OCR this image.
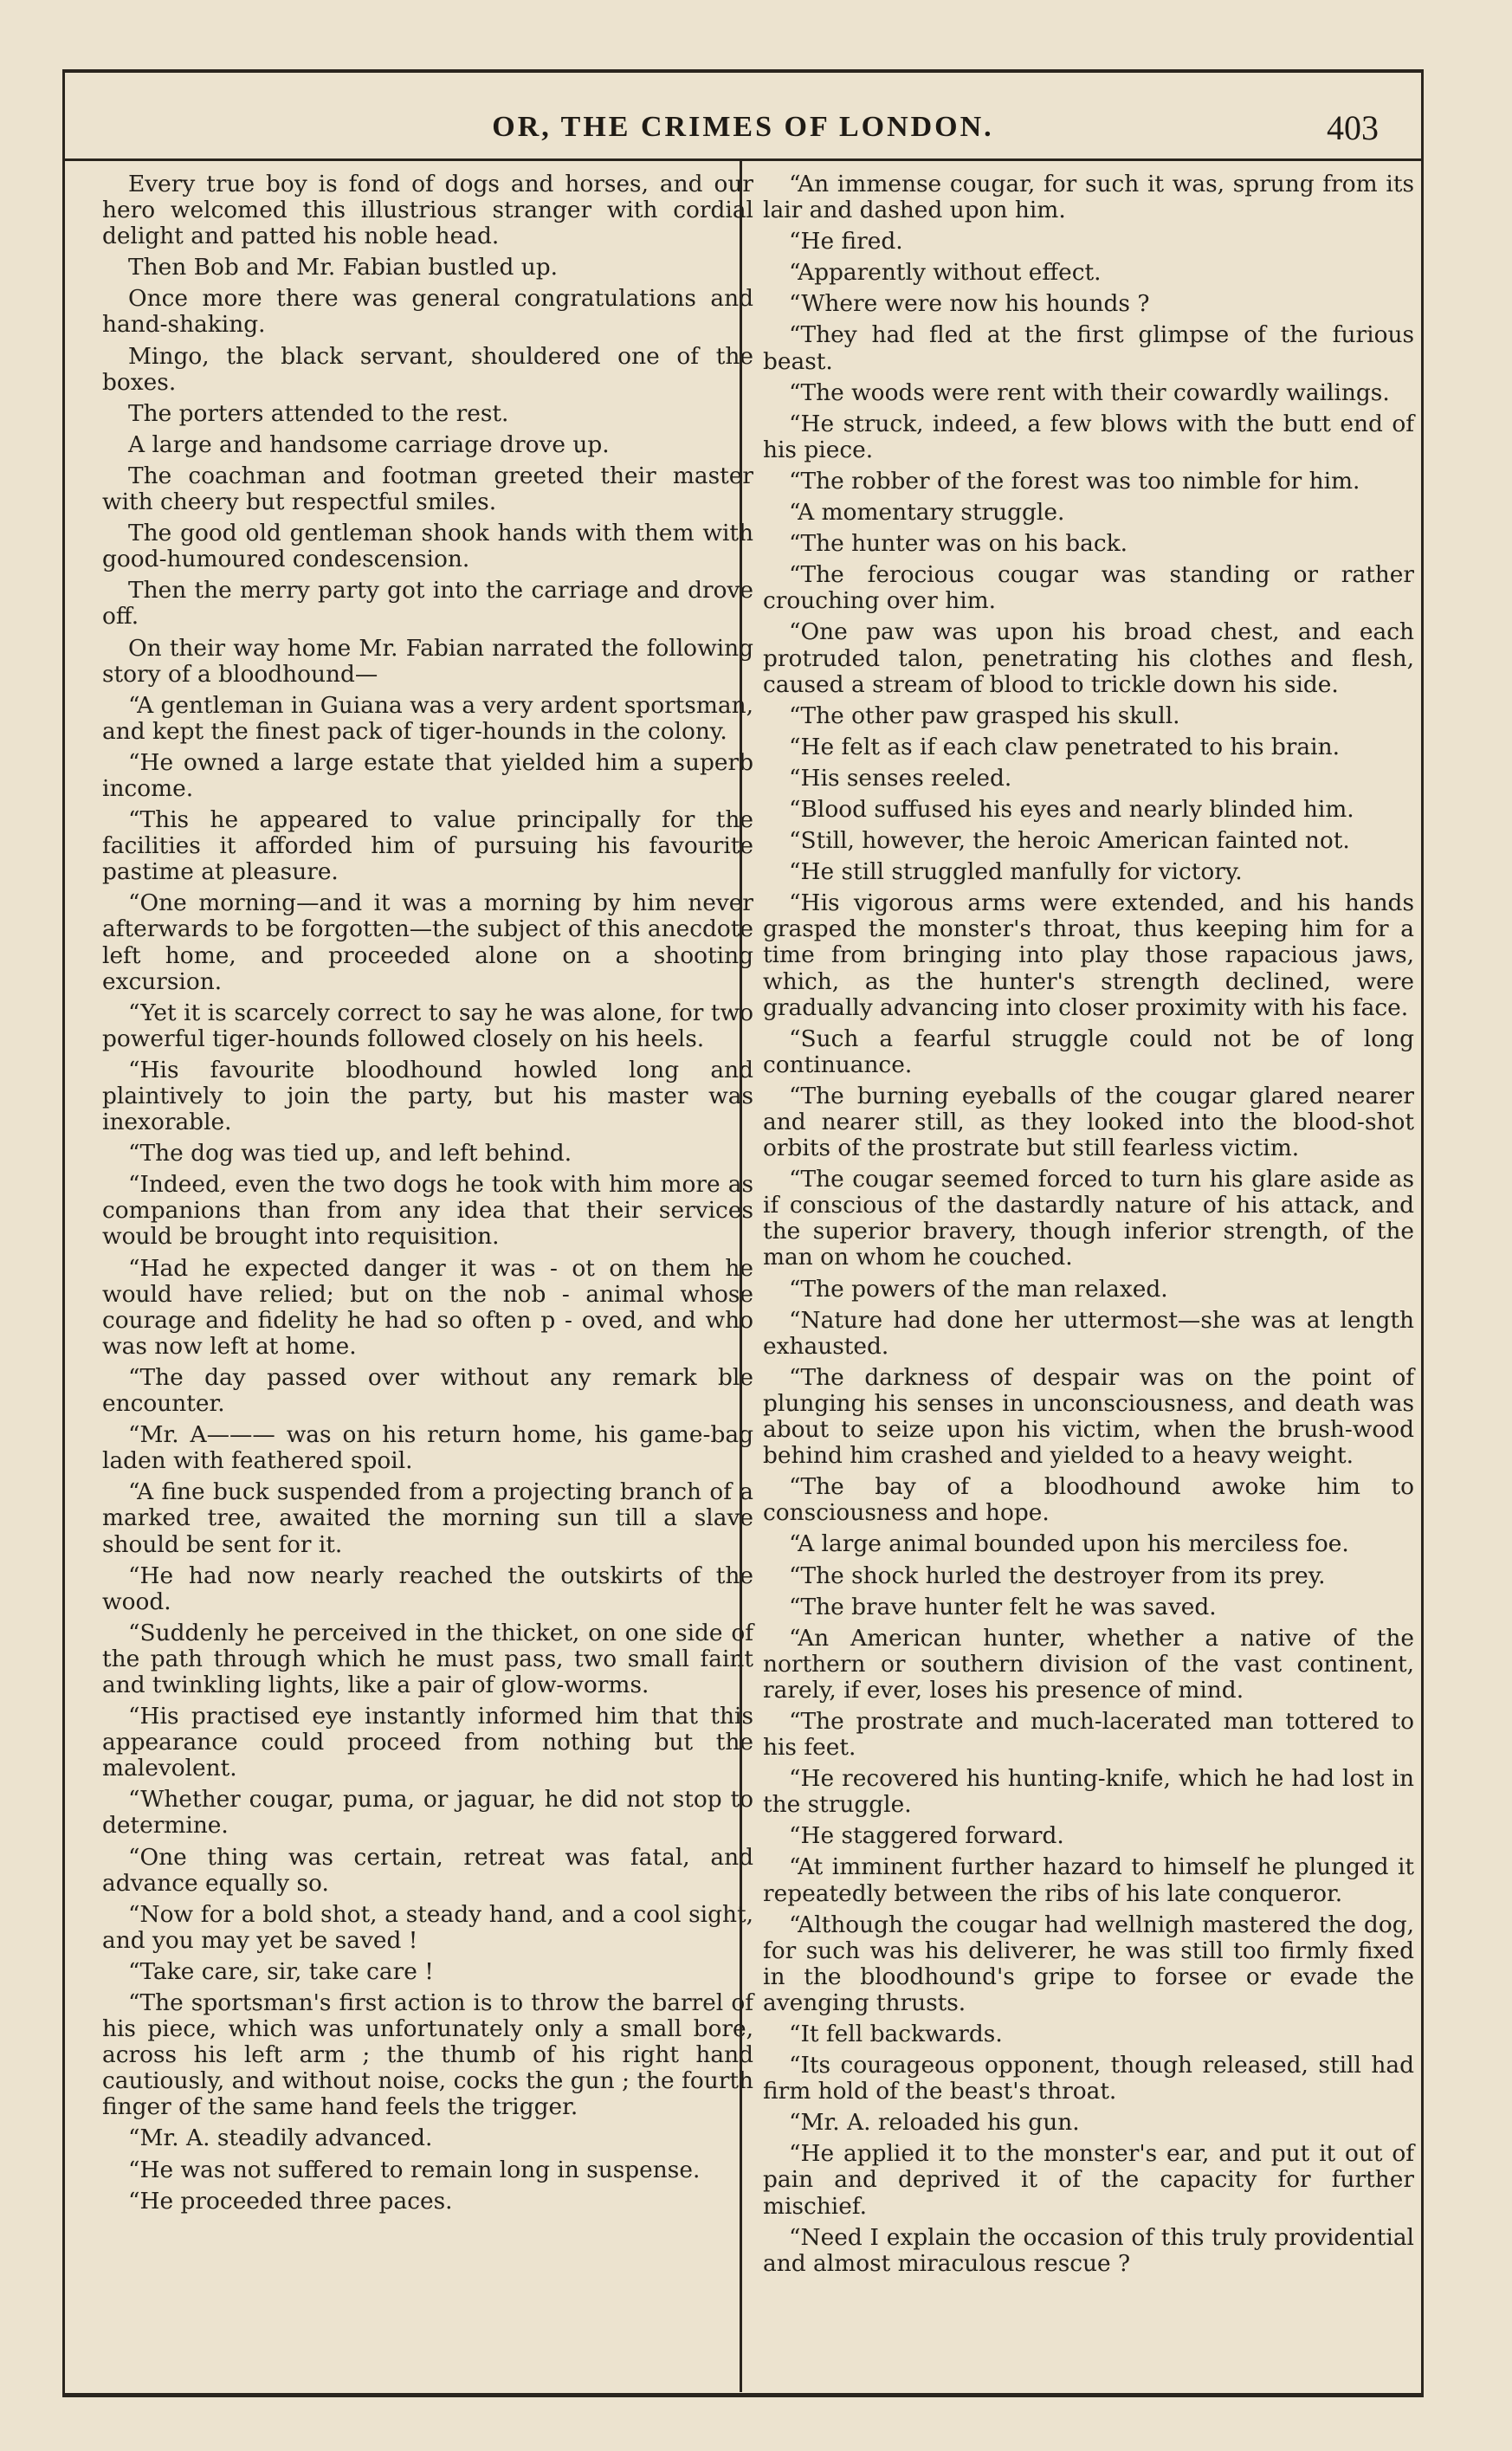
OR, THE CRIMES OF LONDON.	403

Every true boy is fond of dogs and horses, and our hero welcomed this illustrious stranger with cordial delight and patted his noble head.

Then Bob and Mr. Fabian bustled up.

Once more there was general congratulations and hand-shaking.

Mingo, the black servant, shouldered one of the boxes.

The porters attended to the rest.

A large and handsome carriage drove up.

The coachman and footman greeted their master with cheery but respectful smiles.

The good old gentleman shook hands with them with good-humoured condescension.

Then the merry party got into the carriage and drove off.

On their way home Mr. Fabian narrated the following story of a bloodhound—

“A gentleman in Guiana was a very ardent sportsman, and kept the finest pack of tiger-hounds in the colony.

“He owned a large estate that yielded him a superb income.

“This he appeared to value principally for the facilities it afforded him of pursuing his favourite pastime at pleasure.

“One morning—and it was a morning by him never afterwards to be forgotten—the subject of this anecdote left home, and proceeded alone on a shooting excursion.

“Yet it is scarcely correct to say he was alone, for two powerful tiger-hounds followed closely on his heels.

“His favourite bloodhound howled long and plaintively to join the party, but his master was inexorable.

“The dog was tied up, and left behind.

“Indeed, even the two dogs he took with him more as companions than from any idea that their services would be brought into requisition.

“Had he expected danger it was ‑ ot on them he would have relied; but on the nob ‑ animal whose courage and fidelity he had so often p ‑ oved, and who was now left at home.

“The day passed over without any remark ble encounter.

“Mr. A——— was on his return home, his game-bag laden with feathered spoil.

“A fine buck suspended from a projecting branch of a marked tree, awaited the morning sun till a slave should be sent for it.

“He had now nearly reached the outskirts of the wood.

“Suddenly he perceived in the thicket, on one side of the path through which he must pass, two small faint and twinkling lights, like a pair of glow-worms.

“His practised eye instantly informed him that this appearance could proceed from nothing but the malevolent.

“Whether cougar, puma, or jaguar, he did not stop to determine.

“One thing was certain, retreat was fatal, and advance equally so.

“Now for a bold shot, a steady hand, and a cool sight, and you may yet be saved !

“Take care, sir, take care !

“The sportsman's first action is to throw the barrel of his piece, which was unfortunately only a small bore, across his left arm ; the thumb of his right hand cautiously, and without noise, cocks the gun ; the fourth finger of the same hand feels the trigger.

“Mr. A. steadily advanced.

“He was not suffered to remain long in suspense.

“He proceeded three paces.

“An immense cougar, for such it was, sprung from its lair and dashed upon him.

“He fired.

“Apparently without effect.

“Where were now his hounds ?

“They had fled at the first glimpse of the furious beast.

“The woods were rent with their cowardly wailings.

“He struck, indeed, a few blows with the butt end of his piece.

“The robber of the forest was too nimble for him.

“A momentary struggle.

“The hunter was on his back.

“The ferocious cougar was standing or rather crouching over him.

“One paw was upon his broad chest, and each protruded talon, penetrating his clothes and flesh, caused a stream of blood to trickle down his side.

“The other paw grasped his skull.

“He felt as if each claw penetrated to his brain.

“His senses reeled.

“Blood suffused his eyes and nearly blinded him.

“Still, however, the heroic American fainted not.

“He still struggled manfully for victory.

“His vigorous arms were extended, and his hands grasped the monster's throat, thus keeping him for a time from bringing into play those rapacious jaws, which, as the hunter's strength declined, were gradually advancing into closer proximity with his face.

“Such a fearful struggle could not be of long continuance.

“The burning eyeballs of the cougar glared nearer and nearer still, as they looked into the blood-shot orbits of the prostrate but still fearless victim.

“The cougar seemed forced to turn his glare aside as if conscious of the dastardly nature of his attack, and the superior bravery, though inferior strength, of the man on whom he couched.

“The powers of the man relaxed.

“Nature had done her uttermost—she was at length exhausted.

“The darkness of despair was on the point of plunging his senses in unconsciousness, and death was about to seize upon his victim, when the brush-wood behind him crashed and yielded to a heavy weight.

“The bay of a bloodhound awoke him to consciousness and hope.

“A large animal bounded upon his merciless foe.

“The shock hurled the destroyer from its prey.

“The brave hunter felt he was saved.

“An American hunter, whether a native of the northern or southern division of the vast continent, rarely, if ever, loses his presence of mind.

“The prostrate and much-lacerated man tottered to his feet.

“He recovered his hunting-knife, which he had lost in the struggle.

“He staggered forward.

“At imminent further hazard to himself he plunged it repeatedly between the ribs of his late conqueror.

“Although the cougar had wellnigh mastered the dog, for such was his deliverer, he was still too firmly fixed in the bloodhound's gripe to forsee or evade the avenging thrusts.

“It fell backwards.

“Its courageous opponent, though released, still had firm hold of the beast's throat.

“Mr. A. reloaded his gun.

“He applied it to the monster's ear, and put it out of pain and deprived it of the capacity for further mischief.

“Need I explain the occasion of this truly providential and almost miraculous rescue ?
